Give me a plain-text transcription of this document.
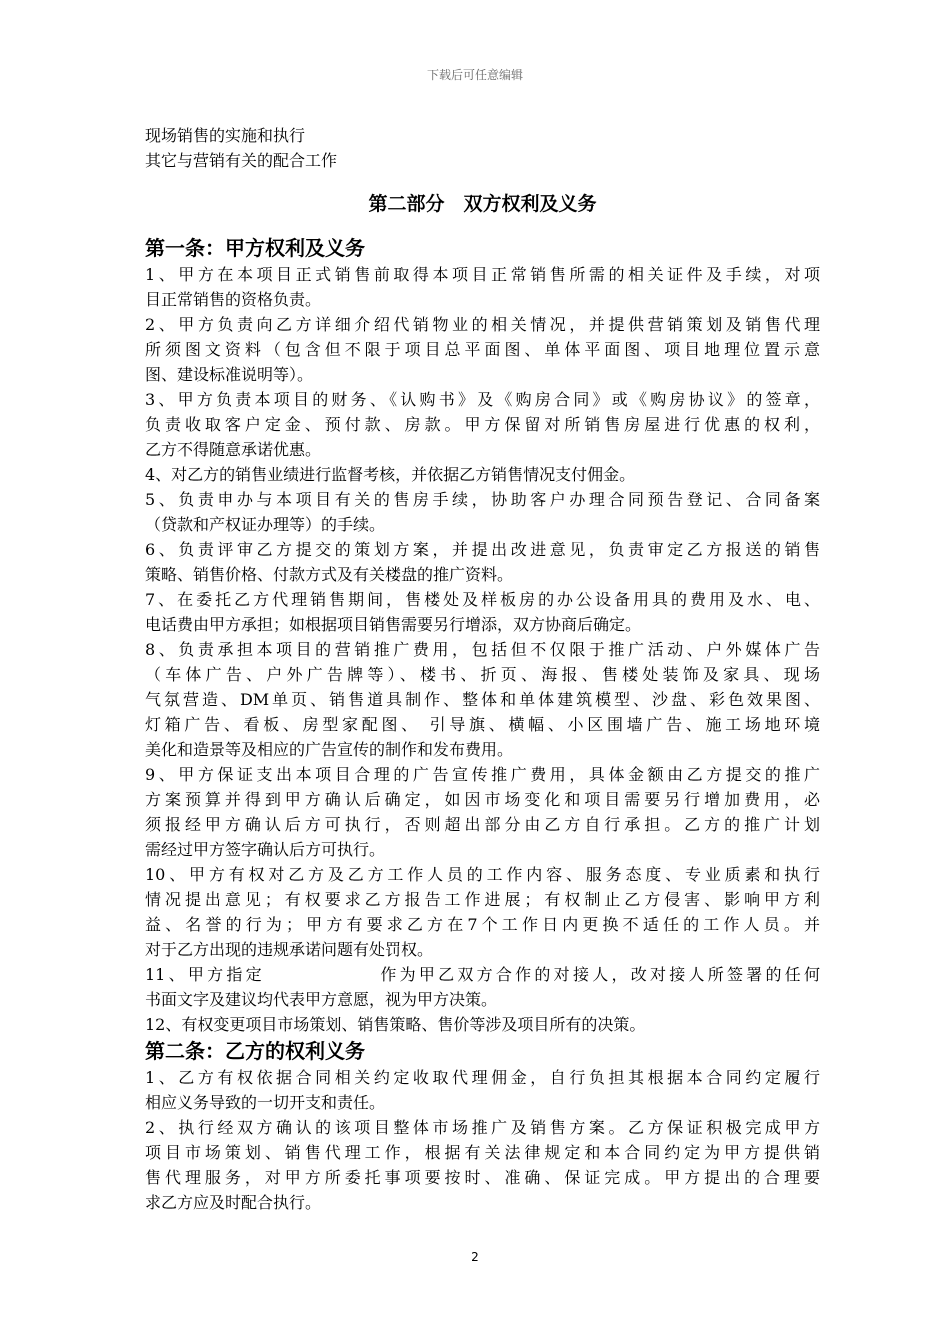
下载后可任意编辑
现场销售的实施和执行
其它与营销有关的配合工作
第二部分　双方权利及义务
第一条：甲方权利及义务
1、甲方在本项目正式销售前取得本项目正常销售所需的相关证件及手续，对项
目正常销售的资格负责。
2、甲方负责向乙方详细介绍代销物业的相关情况，并提供营销策划及销售代理
所须图文资料（包含但不限于项目总平面图、单体平面图、项目地理位置示意
图、建设标准说明等）。
3、甲方负责本项目的财务、《认购书》及《购房合同》或《购房协议》的签章，
负责收取客户定金、预付款、房款。甲方保留对所销售房屋进行优惠的权利，
乙方不得随意承诺优惠。
4、对乙方的销售业绩进行监督考核，并依据乙方销售情况支付佣金。
5、负责申办与本项目有关的售房手续，协助客户办理合同预告登记、合同备案
（贷款和产权证办理等）的手续。
6、负责评审乙方提交的策划方案，并提出改进意见，负责审定乙方报送的销售
策略、销售价格、付款方式及有关楼盘的推广资料。
7、在委托乙方代理销售期间，售楼处及样板房的办公设备用具的费用及水、电、
电话费由甲方承担；如根据项目销售需要另行增添，双方协商后确定。
8、负责承担本项目的营销推广费用，包括但不仅限于推广活动、户外媒体广告
（车体广告、户外广告牌等）、楼书、折页、海报、售楼处装饰及家具、现场
气氛营造、DM单页、销售道具制作、整体和单体建筑模型、沙盘、彩色效果图、
灯箱广告、看板、房型家配图、 引导旗、横幅、小区围墙广告、施工场地环境
美化和造景等及相应的广告宣传的制作和发布费用。
9、甲方保证支出本项目合理的广告宣传推广费用，具体金额由乙方提交的推广
方案预算并得到甲方确认后确定，如因市场变化和项目需要另行增加费用，必
须报经甲方确认后方可执行，否则超出部分由乙方自行承担。乙方的推广计划
需经过甲方签字确认后方可执行。
10、甲方有权对乙方及乙方工作人员的工作内容、服务态度、专业质素和执行
情况提出意见；有权要求乙方报告工作进展；有权制止乙方侵害、影响甲方利
益、名誉的行为；甲方有要求乙方在7个工作日内更换不适任的工作人员。并
对于乙方出现的违规承诺问题有处罚权。
11、甲方指定　　　　　　作为甲乙双方合作的对接人，改对接人所签署的任何
书面文字及建议均代表甲方意愿，视为甲方决策。
12、有权变更项目市场策划、销售策略、售价等涉及项目所有的决策。
第二条：乙方的权利义务
1、乙方有权依据合同相关约定收取代理佣金，自行负担其根据本合同约定履行
相应义务导致的一切开支和责任。
2、执行经双方确认的该项目整体市场推广及销售方案。乙方保证积极完成甲方
项目市场策划、销售代理工作，根据有关法律规定和本合同约定为甲方提供销
售代理服务，对甲方所委托事项要按时、准确、保证完成。甲方提出的合理要
求乙方应及时配合执行。
2
